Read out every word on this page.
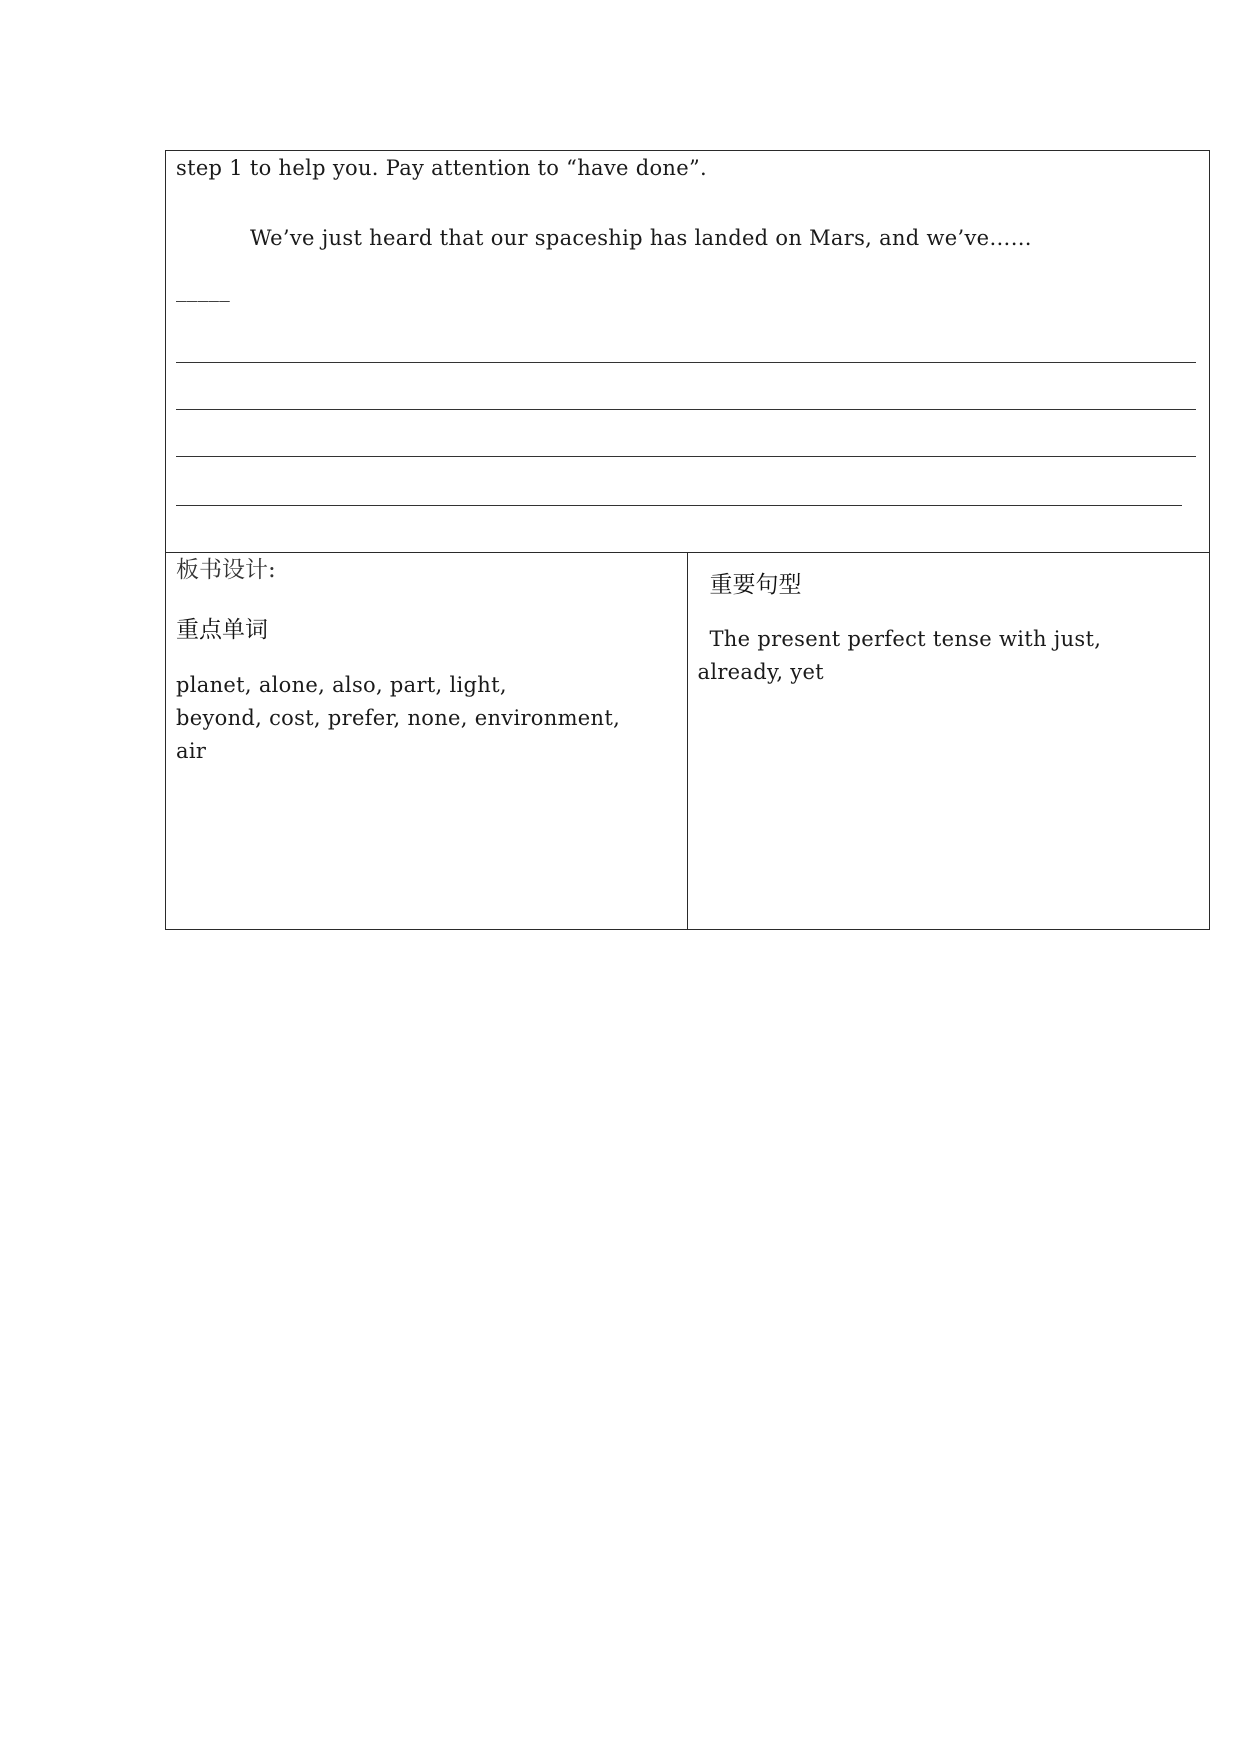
step 1 to help you. Pay attention to “have done”.
We’ve just heard that our spaceship has landed on Mars, and we’ve……
_____
板书设计:
重点单词
planet, alone, also, part, light,
beyond, cost, prefer, none, environment,
air
重要句型
The present perfect tense with just,
already, yet
